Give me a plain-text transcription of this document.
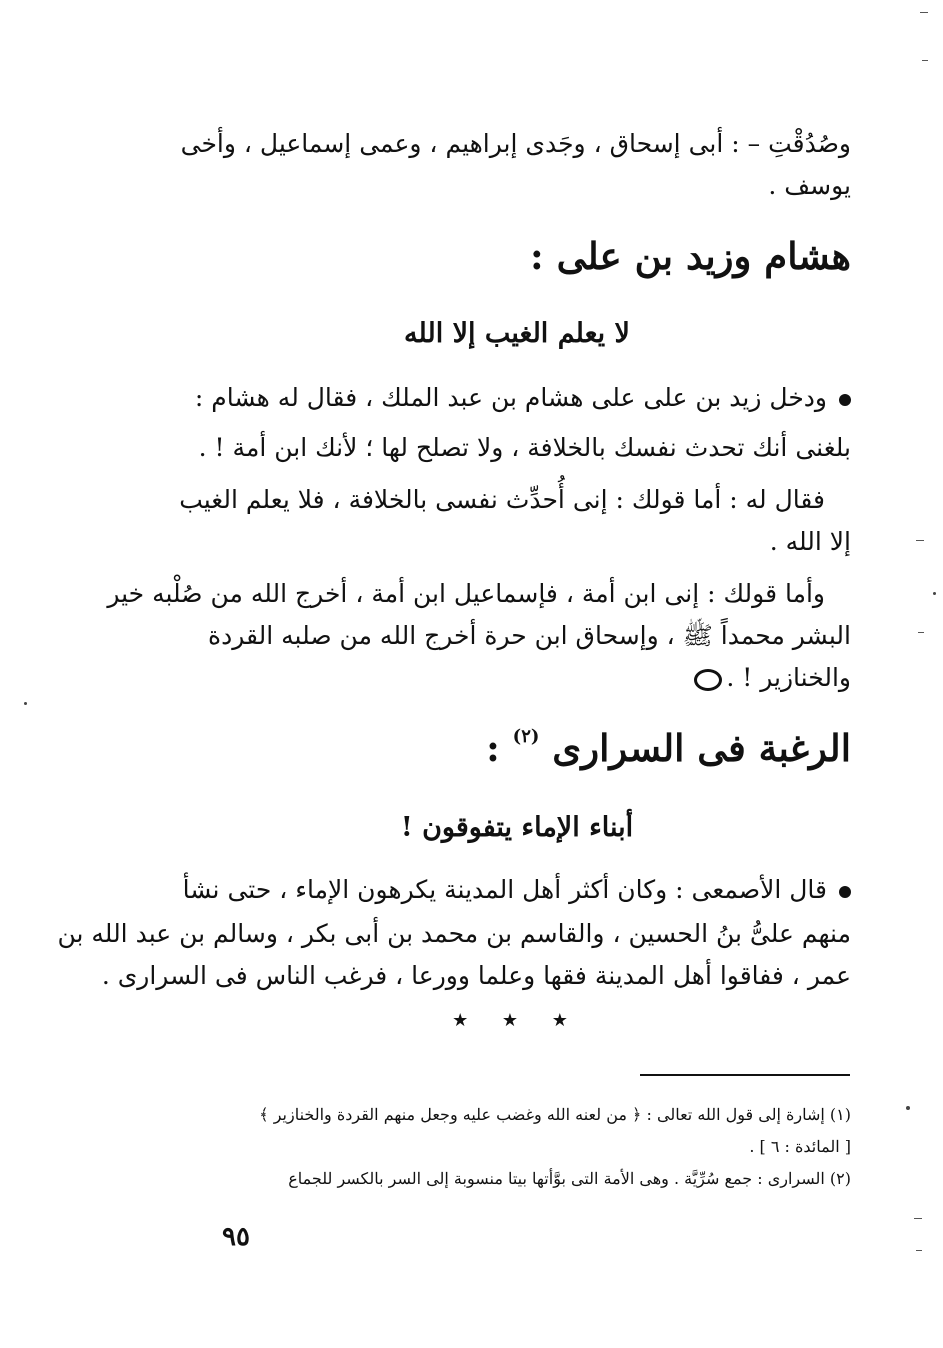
وصُدُقْتِ – : أبى إسحاق ، وجَدى إبراهيم ، وعمى إسماعيل ، وأخى
يوسف .
هشام وزيد بن على :
لا يعلم الغيب إلا الله
ودخل زيد بن على على هشام بن عبد الملك ، فقال له هشام :
بلغنى أنك تحدث نفسك بالخلافة ، ولا تصلح لها ؛ لأنك ابن أمة ! .
فقال له : أما قولك : إنى أُحدِّث نفسى بالخلافة ، فلا يعلم الغيب
إلا الله .
وأما قولك : إنى ابن أمة ، فإسماعيل ابن أمة ، أخرج الله من صُلْبه خير
البشر محمداً ﷺ ، وإسحاق ابن حرة أخرج الله من صلبه القردة
والخنازير ! .
الرغبة فى السرارى $^{(٢)}$ :
أبناء الإماء يتفوقون !
قال الأصمعى : وكان أكثر أهل المدينة يكرهون الإماء ، حتى نشأ
منهم علىُّ بنُ الحسين ، والقاسم بن محمد بن أبى بكر ، وسالم بن عبد الله بن
عمر ، ففاقوا أهل المدينة فقها وعلما وورعا ، فرغب الناس فى السرارى .
★ ★ ★
(١) إشارة إلى قول الله تعالى : ﴿ من لعنه الله وغضب عليه وجعل منهم القردة والخنازير ﴾
[ المائدة : ٦ ] .
(٢) السرارى : جمع سُرِّيَّة . وهى الأمة التى بوَّأتها بيتا منسوبة إلى السر بالكسر للجماع
٩٥
